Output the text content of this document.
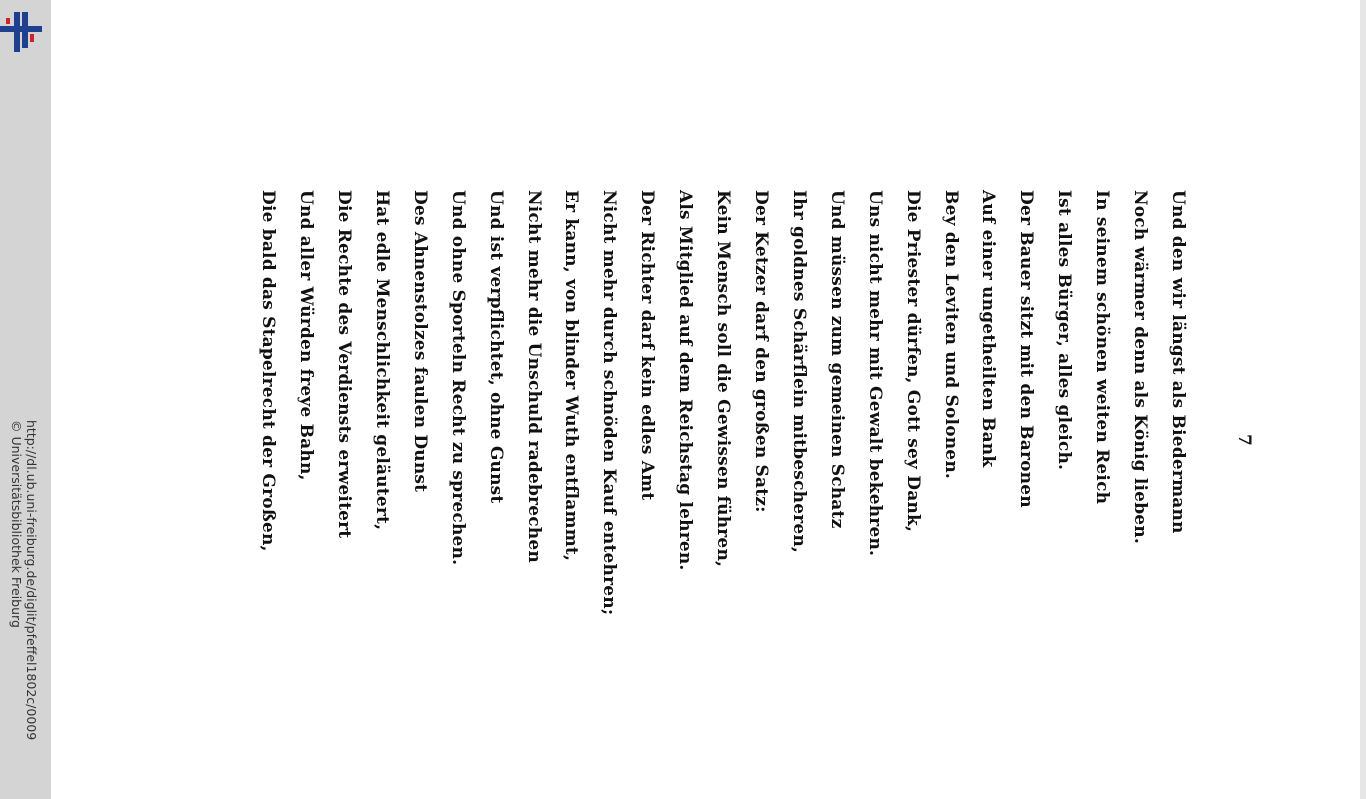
http://dl.ub.uni-freiburg.de/diglit/pfeffel1802c/0009
© Universitätsbibliothek Freiburg	7
Und den wir längst als Biedermann
Noch wärmer denn als König lieben.
In seinem schönen weiten Reich
Ist alles Bürger, alles gleich.
Der Bauer sitzt mit den Baronen
Auf einer ungetheilten Bank
Bey den Leviten und Solonen.
Die Priester dürfen, Gott sey Dank,
Uns nicht mehr mit Gewalt bekehren.
Und müssen zum gemeinen Schatz
Ihr goldnes Schärflein mitbescheren,
Der Ketzer darf den großen Satz:
Kein Mensch soll die Gewissen führen,
Als Mitglied auf dem Reichstag lehren.
Der Richter darf kein edles Amt
Nicht mehr durch schnöden Kauf entehren;
Er kann, von blinder Wuth entflammt,
Nicht mehr die Unschuld radebrechen
Und ist verpflichtet, ohne Gunst
Und ohne Sporteln Recht zu sprechen.
Des Ahnenstolzes faulen Dunst
Hat edle Menschlichkeit geläutert,
Die Rechte des Verdiensts erweitert
Und aller Würden freye Bahn,
Die bald das Stapelrecht der Großen,
